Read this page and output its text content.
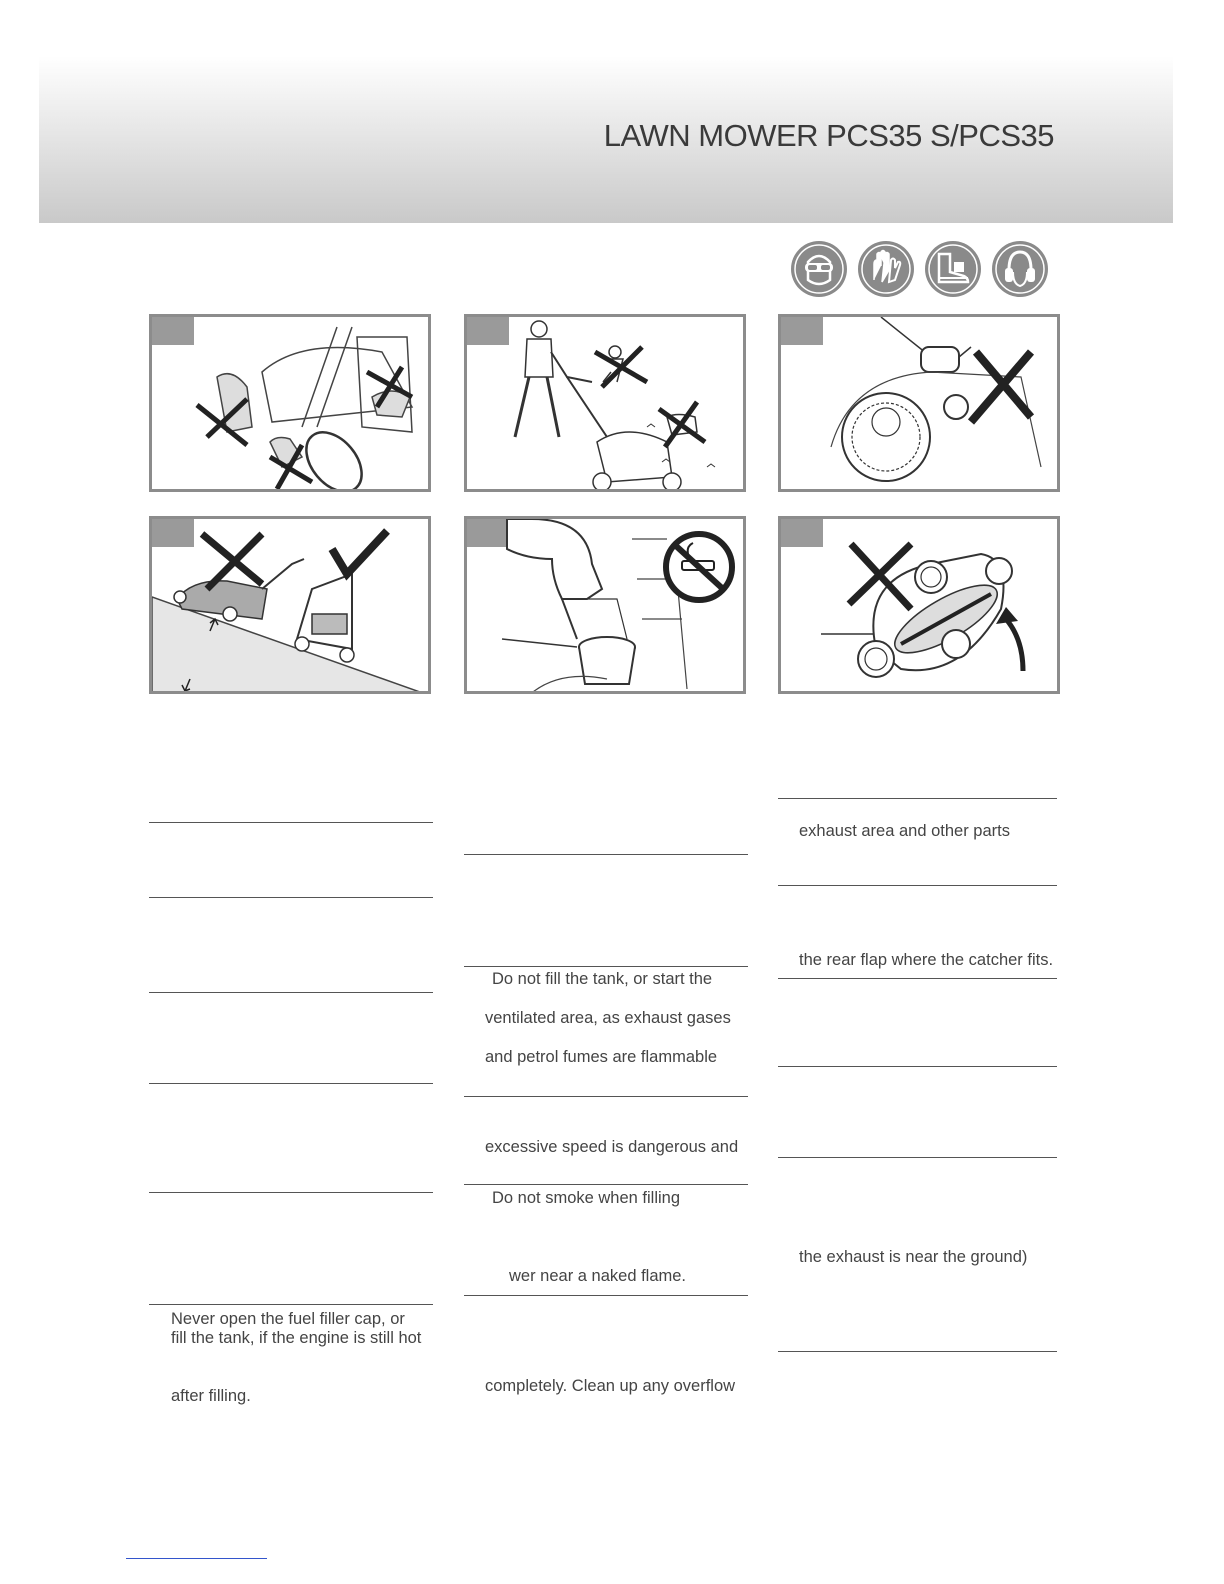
LAWN MOWER PCS35 S/PCS35
Never open the fuel filler cap, or
fill the tank, if the engine is still hot
after filling.
Do not fill the tank, or start the
ventilated area, as exhaust gases
and petrol fumes are flammable
excessive speed is dangerous and
Do not smoke when filling
wer near a naked flame.
completely. Clean up any overflow
exhaust area and other parts
the rear flap where the catcher fits.
the exhaust is near the ground)
